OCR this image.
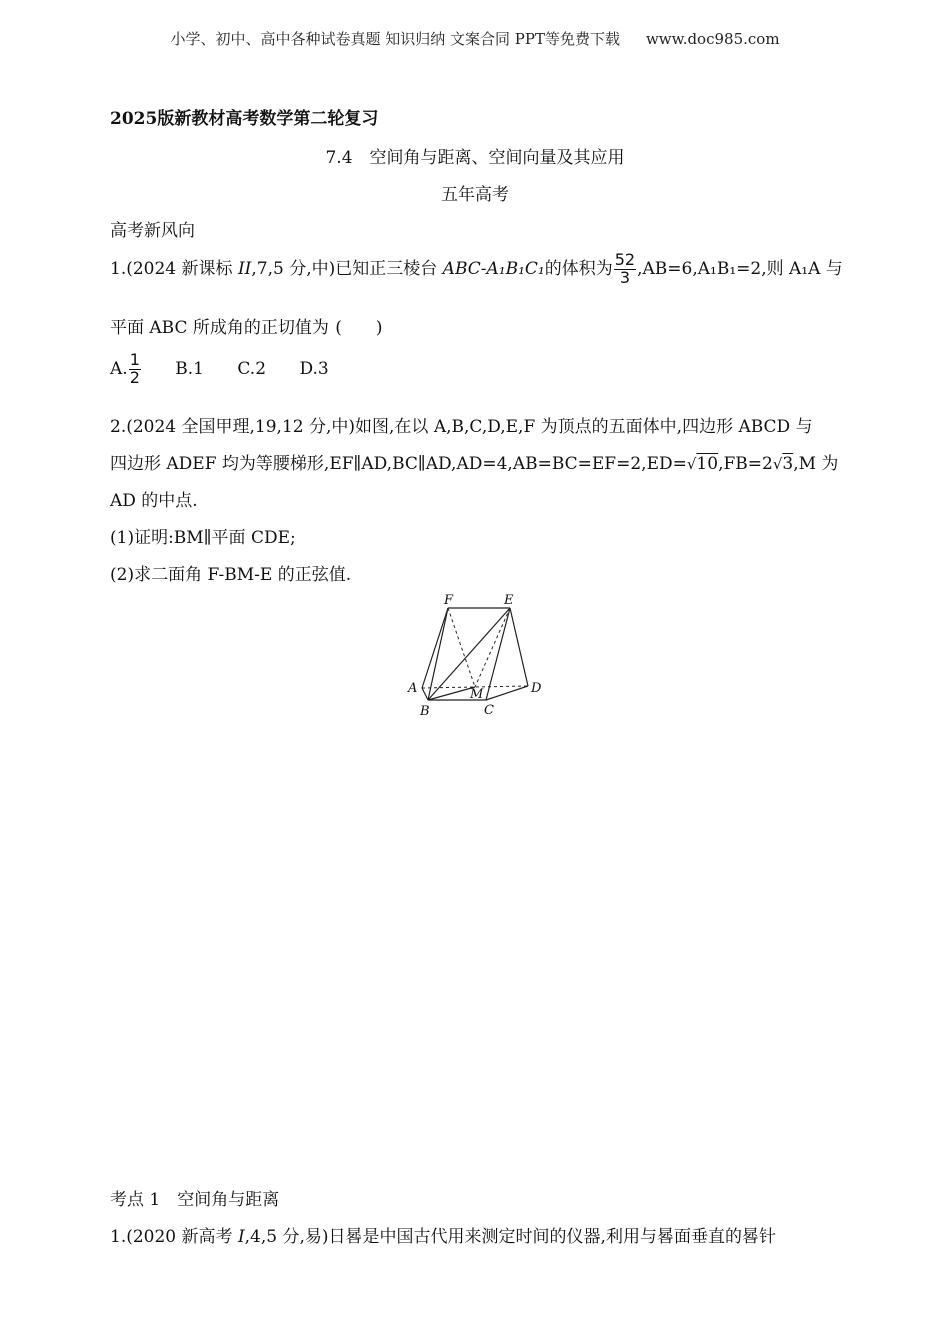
小学、初中、高中各种试卷真题 知识归纳 文案合同 PPT等免费下载 www.doc985.com
2025版新教材高考数学第二轮复习
7.4　空间角与距离、空间向量及其应用
五年高考
高考新风向
1.(2024 新课标 II,7,5 分,中)已知正三棱台 ABC-A₁B₁C₁的体积为 $\frac{52}{3} ,AB=6,A_1B_1=2$,则 A₁A 与
平面 ABC 所成角的正切值为 (　　)
A. $\frac{1}{2} B.1$ C.2 D.3
2.(2024 全国甲理,19,12 分,中)如图,在以 A,B,C,D,E,F 为顶点的五面体中,四边形 ABCD 与
四边形 ADEF 均为等腰梯形,EF∥AD,BC∥AD,AD=4,AB=BC=EF=2,ED=√10,FB=2√3,M 为
AD 的中点.
(1)证明:BM∥平面 CDE;
(2)求二面角 F-BM-E 的正弦值.
F	E
A
B	C
D
M
考点 1　空间角与距离
1.(2020 新高考 I,4,5 分,易)日晷是中国古代用来测定时间的仪器,利用与晷面垂直的晷针
